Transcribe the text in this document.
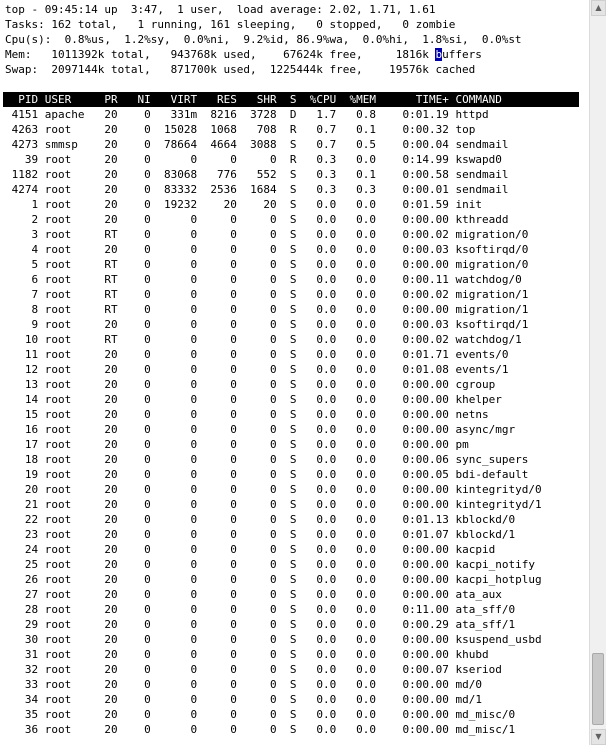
top - 09:45:14 up  3:47,  1 user,  load average: 2.02, 1.71, 1.61
Tasks: 162 total,   1 running, 161 sleeping,   0 stopped,   0 zombie
Cpu(s):  0.8%us,  1.2%sy,  0.0%ni,  9.2%id, 86.9%wa,  0.0%hi,  1.8%si,  0.0%st
Mem:   1011392k total,   943768k used,    67624k free,     1816k buffers
Swap:  2097144k total,   871700k used,  1225444k free,    19576k cached

PID USER	PR NI VIRT RES SHR S %CPU %MEM	TIME+ COMMAND
4151 apache 20 0 331m 8216 3728 D 1.7 0.8 0:01.19 httpd
4263 root	20 0 15028 1068 708 R 0.7 0.1 0:00.32 top
4273 smmsp 20 0 78664 4664 3088 S 0.7 0.5 0:00.04 sendmail
39 root	20 0	0	0	0 R 0.3 0.0 0:14.99 kswapd0
1182 root	20 0 83068 776 552 S 0.3 0.1 0:00.58 sendmail
4274 root	20 0 83332 2536 1684 S 0.3 0.3 0:00.01 sendmail
1 root	20 0 19232 20 20 S 0.0 0.0 0:01.59 init
2 root	20 0	0	0	0 S 0.0 0.0 0:00.00 kthreadd
3 root	RT 0	0	0	0 S 0.0 0.0 0:00.02 migration/0
4 root	20 0	0	0	0 S 0.0 0.0 0:00.03 ksoftirqd/0
5 root	RT 0	0	0	0 S 0.0 0.0 0:00.00 migration/0
6 root	RT 0	0	0	0 S 0.0 0.0 0:00.11 watchdog/0
7 root	RT 0	0	0	0 S 0.0 0.0 0:00.02 migration/1
8 root	RT 0	0	0	0 S 0.0 0.0 0:00.00 migration/1
9 root	20 0	0	0	0 S 0.0 0.0 0:00.03 ksoftirqd/1
10 root	RT 0	0	0	0 S 0.0 0.0 0:00.02 watchdog/1
11 root	20 0	0	0	0 S 0.0 0.0 0:01.71 events/0
12 root	20 0	0	0	0 S 0.0 0.0 0:01.08 events/1
13 root	20 0	0	0	0 S 0.0 0.0 0:00.00 cgroup
14 root	20 0	0	0	0 S 0.0 0.0 0:00.00 khelper
15 root	20 0	0	0	0 S 0.0 0.0 0:00.00 netns
16 root	20 0	0	0	0 S 0.0 0.0 0:00.00 async/mgr
17 root	20 0	0	0	0 S 0.0 0.0 0:00.00 pm
18 root	20 0	0	0	0 S 0.0 0.0 0:00.06 sync_supers
19 root	20 0	0	0	0 S 0.0 0.0 0:00.05 bdi-default
20 root	20 0	0	0	0 S 0.0 0.0 0:00.00 kintegrityd/0
21 root	20 0	0	0	0 S 0.0 0.0 0:00.00 kintegrityd/1
22 root	20 0	0	0	0 S 0.0 0.0 0:01.13 kblockd/0
23 root	20 0	0	0	0 S 0.0 0.0 0:01.07 kblockd/1
24 root	20 0	0	0	0 S 0.0 0.0 0:00.00 kacpid
25 root	20 0	0	0	0 S 0.0 0.0 0:00.00 kacpi_notify
26 root	20 0	0	0	0 S 0.0 0.0 0:00.00 kacpi_hotplug
27 root	20 0	0	0	0 S 0.0 0.0 0:00.00 ata_aux
28 root	20 0	0	0	0 S 0.0 0.0 0:11.00 ata_sff/0
29 root	20 0	0	0	0 S 0.0 0.0 0:00.29 ata_sff/1
30 root	20 0	0	0	0 S 0.0 0.0 0:00.00 ksuspend_usbd
31 root	20 0	0	0	0 S 0.0 0.0 0:00.00 khubd
32 root	20 0	0	0	0 S 0.0 0.0 0:00.07 kseriod
33 root	20 0	0	0	0 S 0.0 0.0 0:00.00 md/0
34 root	20 0	0	0	0 S 0.0 0.0 0:00.00 md/1
35 root	20 0	0	0	0 S 0.0 0.0 0:00.00 md_misc/0
36 root	20 0	0	0	0 S 0.0 0.0 0:00.00 md_misc/1
▲
▼
